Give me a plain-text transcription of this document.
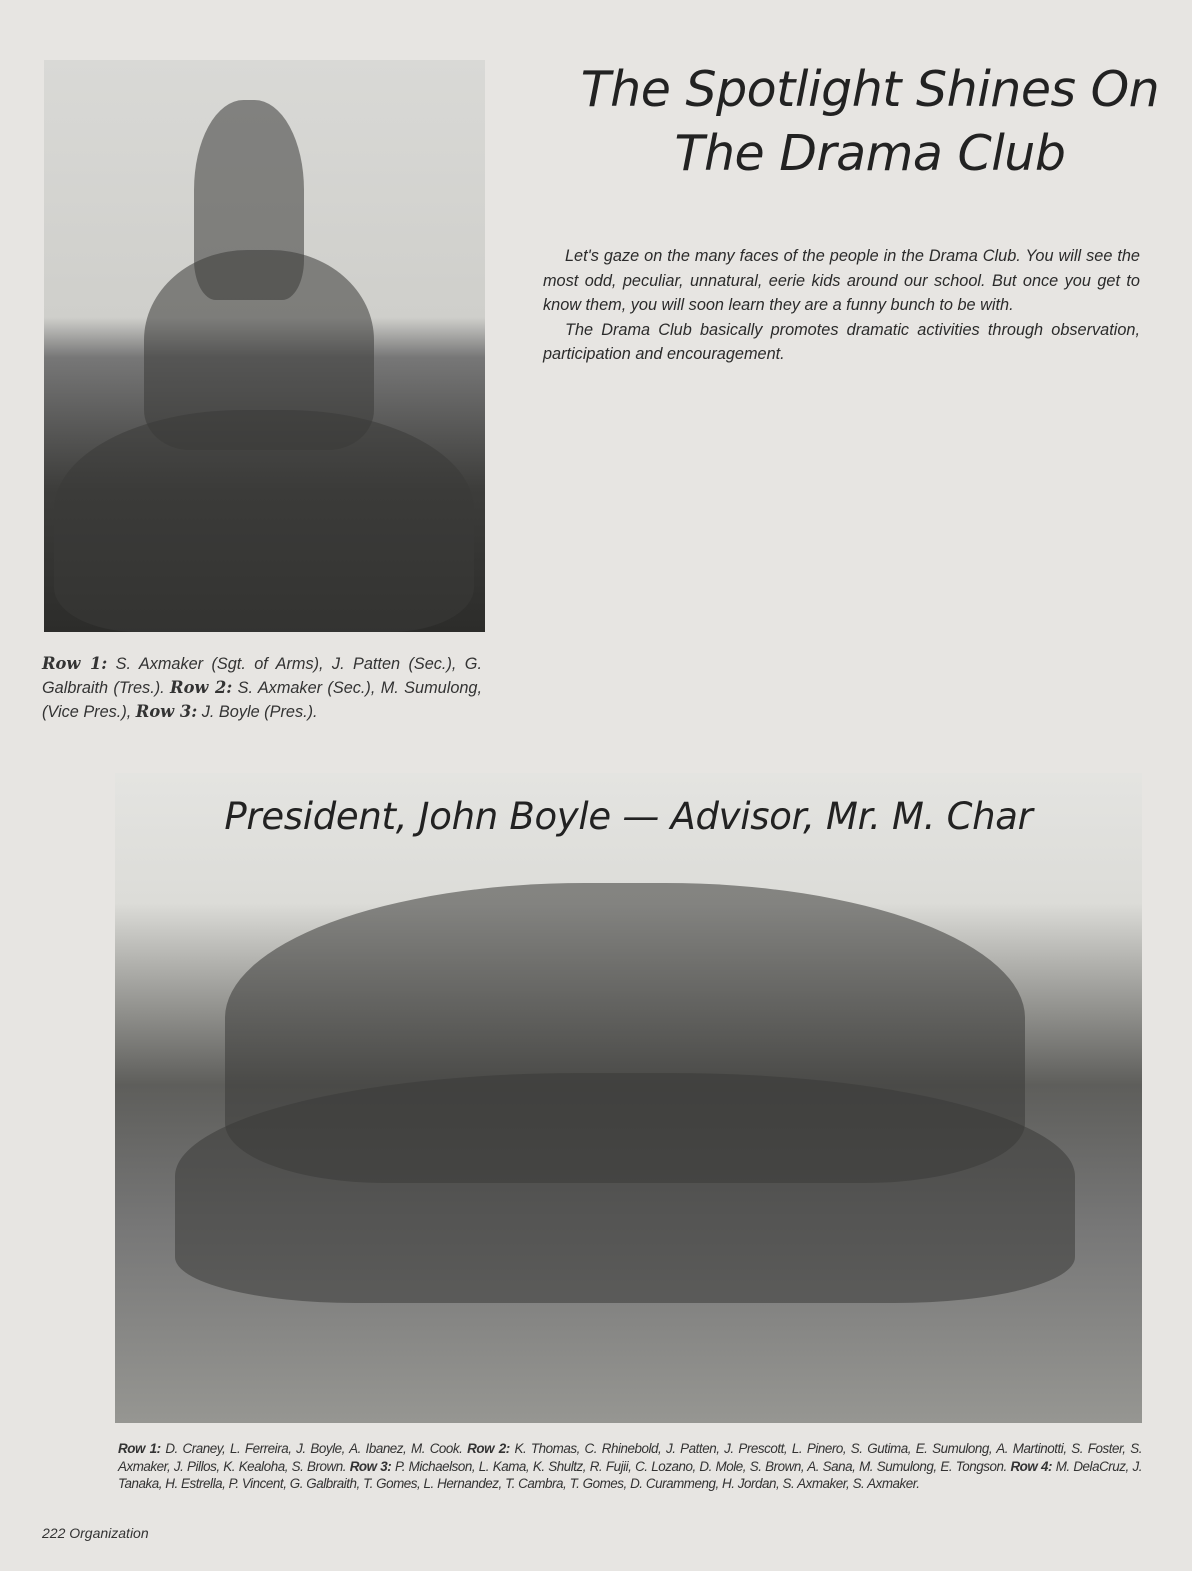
The Spotlight Shines On
The Drama Club

Let's gaze on the many faces of the people in the Drama Club. You will see the most odd, peculiar, unnatural, eerie kids around our school. But once you get to know them, you will soon learn they are a funny bunch to be with.

The Drama Club basically promotes dramatic activities through observation, participation and encouragement.

Row 1: S. Axmaker (Sgt. of Arms), J. Patten (Sec.), G. Galbraith (Tres.). Row 2: S. Axmaker (Sec.), M. Sumulong, (Vice Pres.), Row 3: J. Boyle (Pres.).
President, John Boyle — Advisor, Mr. M. Char
Row 1: D. Craney, L. Ferreira, J. Boyle, A. Ibanez, M. Cook. Row 2: K. Thomas, C. Rhinebold, J. Patten, J. Prescott, L. Pinero, S. Gutima, E. Sumulong, A. Martinotti, S. Foster, S. Axmaker, J. Pillos, K. Kealoha, S. Brown. Row 3: P. Michaelson, L. Kama, K. Shultz, R. Fujii, C. Lozano, D. Mole, S. Brown, A. Sana, M. Sumulong, E. Tongson. Row 4: M. DelaCruz, J. Tanaka, H. Estrella, P. Vincent, G. Galbraith, T. Gomes, L. Hernandez, T. Cambra, T. Gomes, D. Curammeng, H. Jordan, S. Axmaker, S. Axmaker.
222 Organization
